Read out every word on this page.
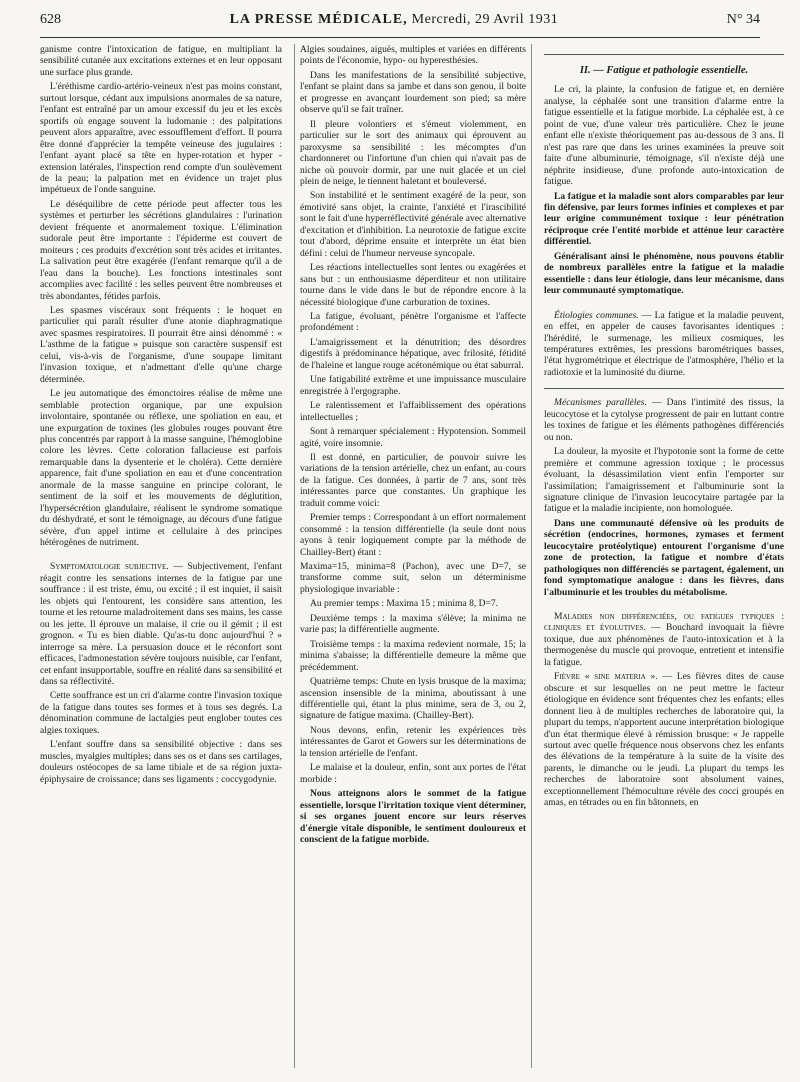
628	LA PRESSE MÉDICALE, Mercredi, 29 Avril 1931	N° 34

ganisme contre l'intoxication de fatigue, en multipliant la sensibilité cutanée aux excitations externes et en leur opposant une surface plus grande.

L'éréthisme cardio-artério-veineux n'est pas moins constant, surtout lorsque, cédant aux impulsions anormales de sa nature, l'enfant est entraîné par un amour excessif du jeu et les excès sportifs où engage souvent la ludomanie : des palpitations peuvent alors apparaître, avec essoufflement d'effort. Il pourra être donné d'apprécier la tempête veineuse des jugulaires : l'enfant ayant placé sa tête en hyper-rotation et hyper - extension latérales, l'inspection rend compte d'un soulèvement de la peau; la palpation met en évidence un trajet plus impétueux de l'onde sanguine.

Le déséquilibre de cette période peut affecter tous les systèmes et perturber les sécrétions glandulaires : l'urination devient fréquente et anormalement toxique. L'élimination sudorale peut être importante : l'épiderme est couvert de moiteurs ; ces produits d'excrétion sont très acides et irritantes. La salivation peut être exagérée (l'enfant remarque qu'il a de l'eau dans la bouche). Les fonctions intestinales sont accomplies avec facilité : les selles peuvent être nombreuses et très abondantes, fétides parfois.

Les spasmes viscéraux sont fréquents : le hoquet en particulier qui paraît résulter d'une atonie diaphragmatique avec spasmes respiratoires. Il pourrait être ainsi dénommé : « L'asthme de la fatigue » puisque son caractère suspensif est celui, vis-à-vis de l'organisme, d'une soupape limitant l'invasion toxique, et n'admettant d'elle qu'une charge déterminée.

Le jeu automatique des émonctoires réalise de même une semblable protection organique, par une expulsion involontaire, spontanée ou réflexe, une spoliation en eau, et une expurgation de toxines (les globules rouges pouvant être plus concentrés par rapport à la masse sanguine, l'hémoglobine colore les lèvres. Cette coloration fallacieuse est parfois remarquable dans la dysenterie et le choléra). Cette dernière apparence, fait d'une spoliation en eau et d'une concentration anormale de la masse sanguine en principe colorant, le sentiment de la soif et les mouvements de déglutition, l'hypersécrétion glandulaire, réalisent le syndrome somatique du déshydraté, et sont le témoignage, au décours d'une fatigue sévère, d'un appel intime et cellulaire à des principes hétérogènes de nutriment.

Symptomatologie subjective. — Subjectivement, l'enfant réagit contre les sensations internes de la fatigue par une souffrance : il est triste, ému, ou excité ; il est inquiet, il saisit les objets qui l'entourent, les considère sans attention, les tourne et les retourne maladroitement dans ses mains, les casse ou les jette. Il éprouve un malaise, il crie ou il gémit ; il est grognon. « Tu es bien diable. Qu'as-tu donc aujourd'hui ? » interroge sa mère. La persuasion douce et le réconfort sont efficaces, l'admonestation sévère toujours nuisible, car l'enfant, cet enfant insupportable, souffre en réalité dans sa sensibilité et dans sa réflectivité.

Cette souffrance est un cri d'alarme contre l'invasion toxique de la fatigue dans toutes ses formes et à tous ses degrés. La dénomination commune de lactalgies peut englober toutes ces algies toxiques.

L'enfant souffre dans sa sensibilité objective : dans ses muscles, myalgies multiples; dans ses os et dans ses cartilages, douleurs ostéocopes de sa lame tibiale et de sa région juxta-épiphysaire de croissance; dans ses ligaments : coccygodynie.

Algies soudaines, aiguës, multiples et variées en différents points de l'économie, hypo- ou hyperesthésies.

Dans les manifestations de la sensibilité subjective, l'enfant se plaint dans sa jambe et dans son genou, il boite et progresse en avançant lourdement son pied; sa mère observe qu'il se fait traîner.

Il pleure volontiers et s'émeut violemment, en particulier sur le sort des animaux qui éprouvent au paroxysme sa sensibilité : les mécomptes d'un chardonneret ou l'infortune d'un chien qui n'avait pas de niche où pouvoir dormir, par une nuit glacée et un ciel plein de neige, le tiennent haletant et bouleversé.

Son instabilité et le sentiment exagéré de la peur, son émotivité sans objet, la crainte, l'anxiété et l'irascibilité sont le fait d'une hyperréflectivité générale avec alternative d'excitation et d'inhibition. La neurotoxie de fatigue excite tout d'abord, déprime ensuite et interprète un état bien défini : celui de l'humeur nerveuse syncopale.

Les réactions intellectuelles sont lentes ou exagérées et sans but : un enthousiasme déperditeur et non utilitaire tourne dans le vide dans le but de répondre encore à la nécessité biologique d'une carburation de toxines.

La fatigue, évoluant, pénètre l'organisme et l'affecte profondément :

L'amaigrissement et la dénutrition; des désordres digestifs à prédominance hépatique, avec frilosité, fétidité de l'haleine et langue rouge acétonémique ou état saburral.

Une fatigabilité extrême et une impuissance musculaire enregistrée à l'ergographe.

Le ralentissement et l'affaiblissement des opérations intellectuelles ;

Sont à remarquer spécialement : Hypotension. Sommeil agité, voire insomnie.

Il est donné, en particulier, de pouvoir suivre les variations de la tension artérielle, chez un enfant, au cours de la fatigue. Ces données, à partir de 7 ans, sont très intéressantes parce que constantes. Un graphique les traduit comme voici:

Premier temps : Correspondant à un effort normalement consommé : la tension différentielle (la seule dont nous ayons à tenir logiquement compte par la méthode de Chailley-Bert) étant :

Maxima=15, minima=8 (Pachon), avec une D=7, se transforme comme suit, selon un déterminisme physiologique invariable :

Au premier temps : Maxima 15 ; minima 8, D=7.

Deuxième temps : la maxima s'élève; la minima ne varie pas; la différentielle augmente.

Troisième temps : la maxima redevient normale, 15; la minima s'abaisse; la différentielle demeure la même que précédemment.

Quatrième temps: Chute en lysis brusque de la maxima; ascension insensible de la minima, aboutissant à une différentielle qui, étant la plus minime, sera de 3, ou 2, signature de fatigue maxima. (Chailley-Bert).

Nous devons, enfin, retenir les expériences très intéressantes de Garot et Gowers sur les déterminations de la tension artérielle de l'enfant.

Le malaise et la douleur, enfin, sont aux portes de l'état morbide :

Nous atteignons alors le sommet de la fatigue essentielle, lorsque l'irritation toxique vient déterminer, si ses organes jouent encore sur leurs réserves d'énergie vitale disponible, le sentiment douloureux et conscient de la fatigue morbide.

II. — Fatigue et pathologie essentielle.

Le cri, la plainte, la confusion de fatigue et, en dernière analyse, la céphalée sont une transition d'alarme entre la fatigue essentielle et la fatigue morbide. La céphalée est, à ce point de vue, d'une valeur très particulière. Chez le jeune enfant elle n'existe théoriquement pas au-dessous de 3 ans. Il n'est pas rare que dans les urines examinées la preuve soit faite d'une albuminurie, témoignage, s'il n'existe déjà une néphrite insidieuse, d'une profonde auto-intoxication de fatigue.

La fatigue et la maladie sont alors comparables par leur fin défensive, par leurs formes infinies et complexes et par leur origine communément toxique : leur pénétration réciproque crée l'entité morbide et atténue leur caractère différentiel.

Généralisant ainsi le phénomène, nous pouvons établir de nombreux parallèles entre la fatigue et la maladie essentielle : dans leur étiologie, dans leur mécanisme, dans leur communauté symptomatique.

Étiologies communes. — La fatigue et la maladie peuvent, en effet, en appeler de causes favorisantes identiques : l'hérédité, le surmenage, les milieux cosmiques, les températures extrêmes, les pressions barométriques basses, l'état hygrométrique et électrique de l'atmosphère, l'hélio et la radiotoxie et la luminosité du diurne.

Mécanismes parallèles. — Dans l'intimité des tissus, la leucocytose et la cytolyse progressent de pair en luttant contre les toxines de fatigue et les éléments pathogènes différenciés ou non.

La douleur, la myosite et l'hypotonie sont la forme de cette première et commune agression toxique ; le processus évoluant, la désassimilation vient enfin l'emporter sur l'assimilation; l'amaigrissement et l'albuminurie sont la signature clinique de l'invasion leucocytaire partagée par la fatigue et la maladie incipiente, non homologuée.

Dans une communauté défensive où les produits de sécrétion (endocrines, hormones, zymases et ferment leucocytaire protéolytique) entourent l'organisme d'une zone de protection, la fatigue et nombre d'états pathologiques non différenciés se partagent, également, un fond symptomatique analogue : dans les fièvres, dans l'albuminurie et les troubles du métabolisme.

Maladies non différenciées, ou fatigues typiques : cliniques et évolutives. — Bouchard invoquait la fièvre toxique, due aux phénomènes de l'auto-intoxication et à la thermogenèse du muscle qui provoque, entretient et intensifie la fatigue.

Fièvre « sine materia ». — Les fièvres dites de cause obscure et sur lesquelles on ne peut mettre le facteur étiologique en évidence sont fréquentes chez les enfants; elles donnent lieu à de multiples recherches de laboratoire qui, la plupart du temps, n'apportent aucune interprétation biologique d'un état thermique élevé à rémission brusque: « Je rappelle surtout avec quelle fréquence nous observons chez les enfants des élévations de la température à la suite de la visite des parents, le dimanche ou le jeudi. La plupart du temps les recherches de laboratoire sont absolument vaines, exceptionnellement l'hémoculture révèle des cocci groupés en amas, en tétrades ou en fin bâtonnets, en
